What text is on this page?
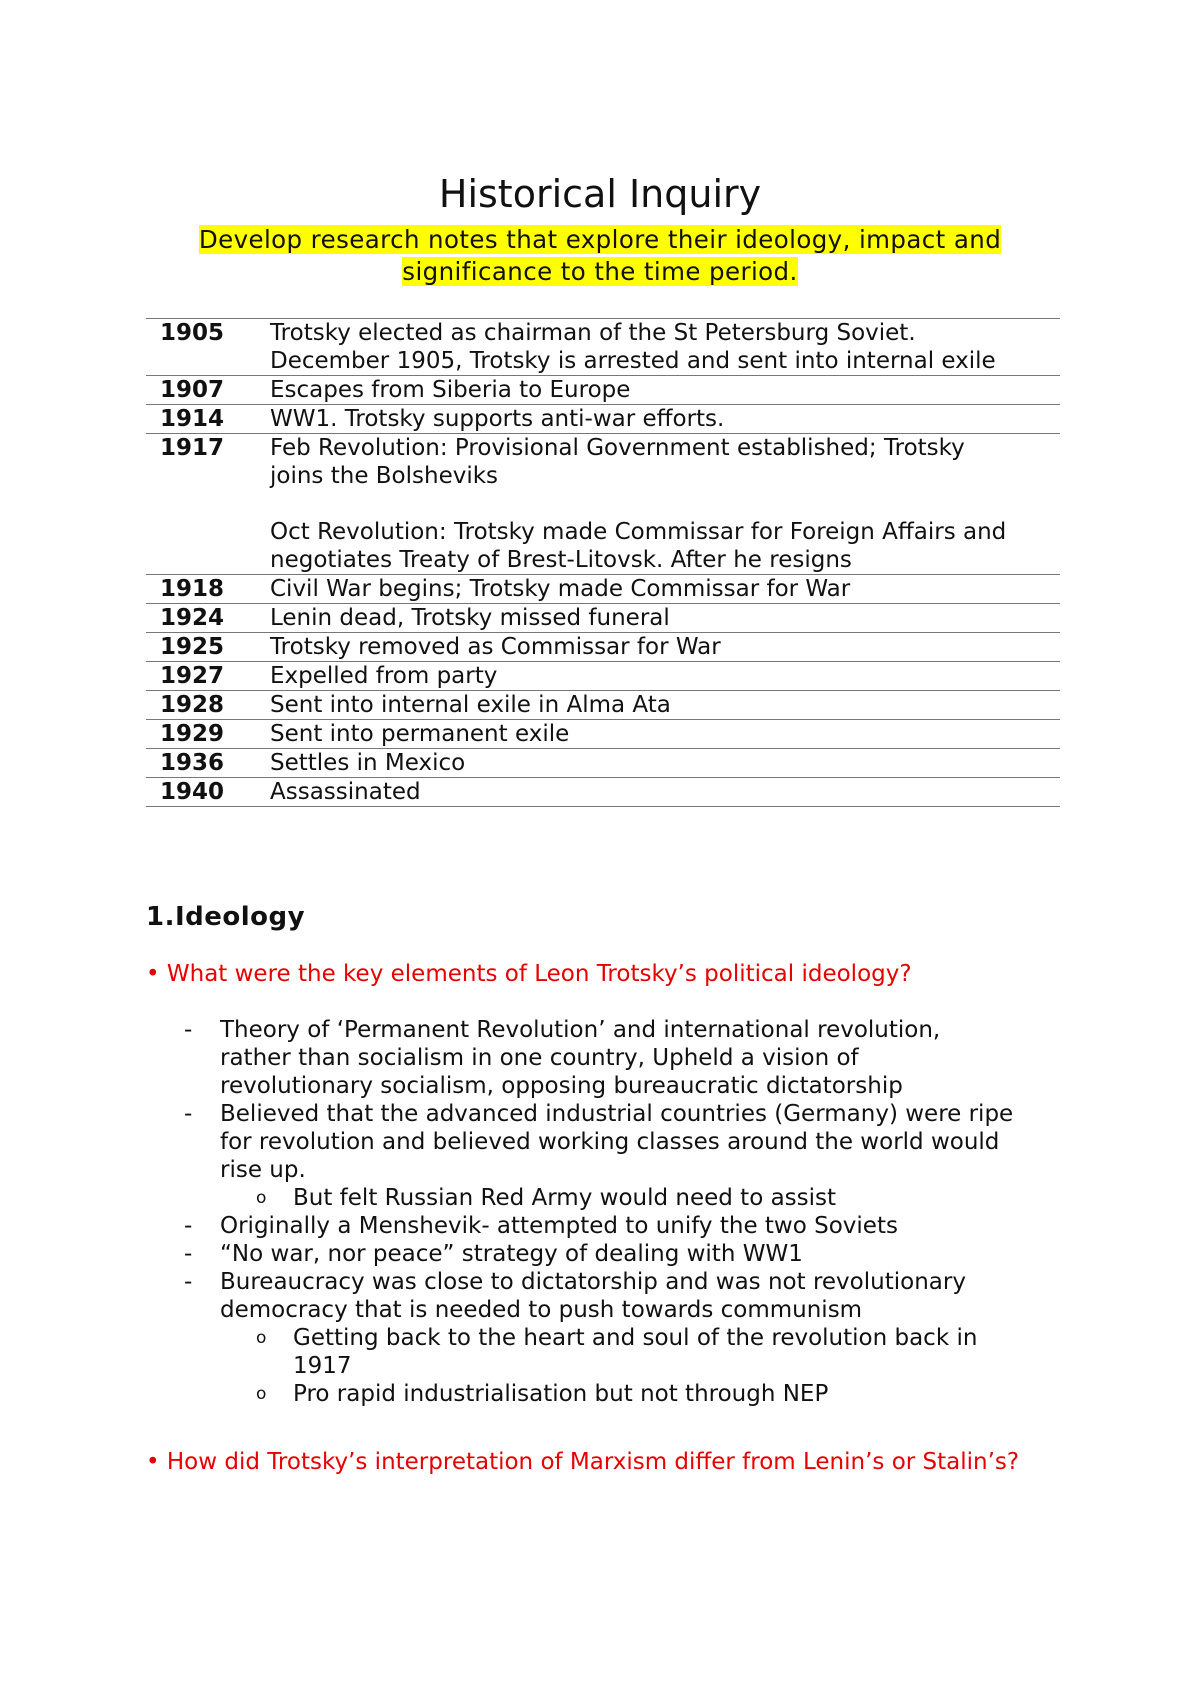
Historical Inquiry
Develop research notes that explore their ideology, impact and significance to the time period.
1905	Trotsky elected as chairman of the St Petersburg Soviet.
December 1905, Trotsky is arrested and sent into internal exile

1907	Escapes from Siberia to Europe

1914	WW1. Trotsky supports anti-war efforts.

1917	Feb Revolution: Provisional Government established; Trotsky
joins the Bolsheviks
Oct Revolution: Trotsky made Commissar for Foreign Affairs and
negotiates Treaty of Brest-Litovsk. After he resigns

1918	Civil War begins; Trotsky made Commissar for War

1924	Lenin dead, Trotsky missed funeral

1925	Trotsky removed as Commissar for War

1927	Expelled from party

1928	Sent into internal exile in Alma Ata

1929	Sent into permanent exile

1936	Settles in Mexico

1940	Assassinated
1.Ideology
• What were the key elements of Leon Trotsky’s political ideology?
- Theory of ‘Permanent Revolution’ and international revolution,
rather than socialism in one country, Upheld a vision of
revolutionary socialism, opposing bureaucratic dictatorship
- Believed that the advanced industrial countries (Germany) were ripe
for revolution and believed working classes around the world would
rise up.
o But felt Russian Red Army would need to assist
- Originally a Menshevik- attempted to unify the two Soviets
- “No war, nor peace” strategy of dealing with WW1
- Bureaucracy was close to dictatorship and was not revolutionary
democracy that is needed to push towards communism
o Getting back to the heart and soul of the revolution back in
1917
o Pro rapid industrialisation but not through NEP
• How did Trotsky’s interpretation of Marxism differ from Lenin’s or Stalin’s?
